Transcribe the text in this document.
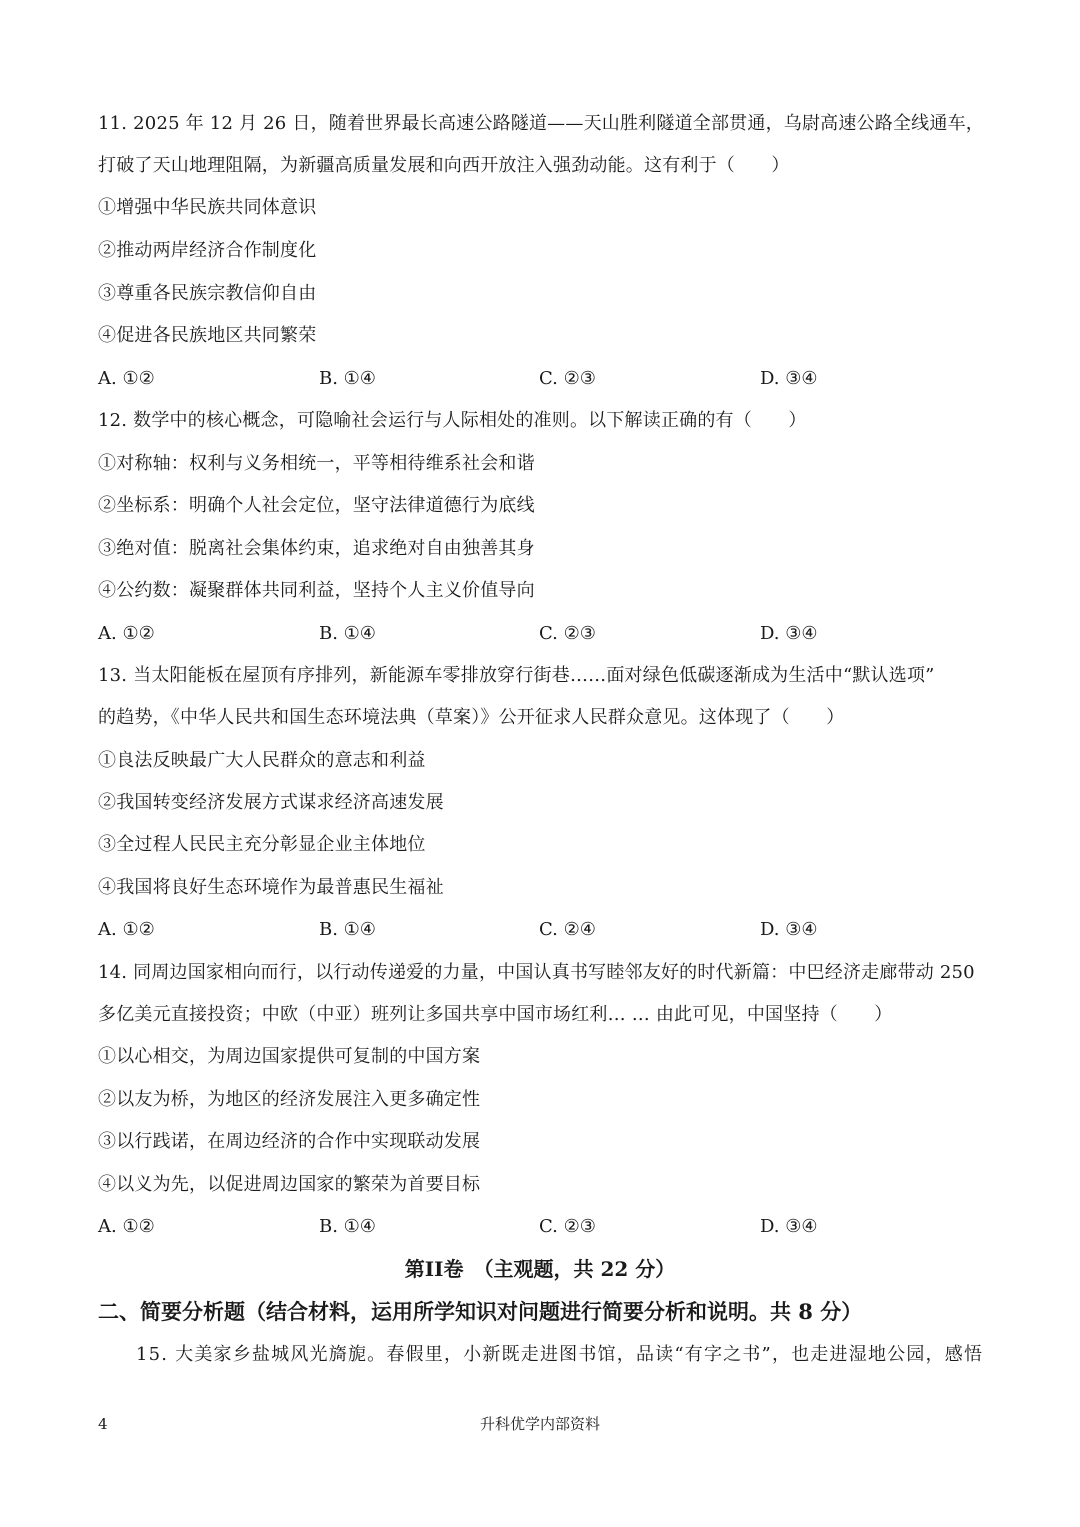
11. 2025 年 12 月 26 日，随着世界最长高速公路隧道——天山胜利隧道全部贯通，乌尉高速公路全线通车，
打破了天山地理阻隔，为新疆高质量发展和向西开放注入强劲动能。这有利于（　　）
①增强中华民族共同体意识
②推动两岸经济合作制度化
③尊重各民族宗教信仰自由
④促进各民族地区共同繁荣
A. ①②	B. ①④	C. ②③	D. ③④
12. 数学中的核心概念，可隐喻社会运行与人际相处的准则。以下解读正确的有（　　）
①对称轴：权利与义务相统一，平等相待维系社会和谐
②坐标系：明确个人社会定位，坚守法律道德行为底线
③绝对值：脱离社会集体约束，追求绝对自由独善其身
④公约数：凝聚群体共同利益，坚持个人主义价值导向
A. ①②	B. ①④	C. ②③	D. ③④
13. 当太阳能板在屋顶有序排列，新能源车零排放穿行街巷……面对绿色低碳逐渐成为生活中“默认选项”
的趋势，《中华人民共和国生态环境法典（草案）》公开征求人民群众意见。这体现了（　　）
①良法反映最广大人民群众的意志和利益
②我国转变经济发展方式谋求经济高速发展
③全过程人民民主充分彰显企业主体地位
④我国将良好生态环境作为最普惠民生福祉
A. ①②	B. ①④	C. ②④	D. ③④
14. 同周边国家相向而行，以行动传递爱的力量，中国认真书写睦邻友好的时代新篇：中巴经济走廊带动 250
多亿美元直接投资；中欧（中亚）班列让多国共享中国市场红利… … 由此可见，中国坚持（　　）
①以心相交，为周边国家提供可复制的中国方案
②以友为桥，为地区的经济发展注入更多确定性
③以行践诺，在周边经济的合作中实现联动发展
④以义为先，以促进周边国家的繁荣为首要目标
A. ①②	B. ①④	C. ②③	D. ③④
第II卷　（主观题，共 22 分）
二、简要分析题（结合材料，运用所学知识对问题进行简要分析和说明。共 8 分）
15. 大美家乡盐城风光旖旎。春假里，小新既走进图书馆，品读“有字之书”，也走进湿地公园，感悟
4	升科优学内部资料
